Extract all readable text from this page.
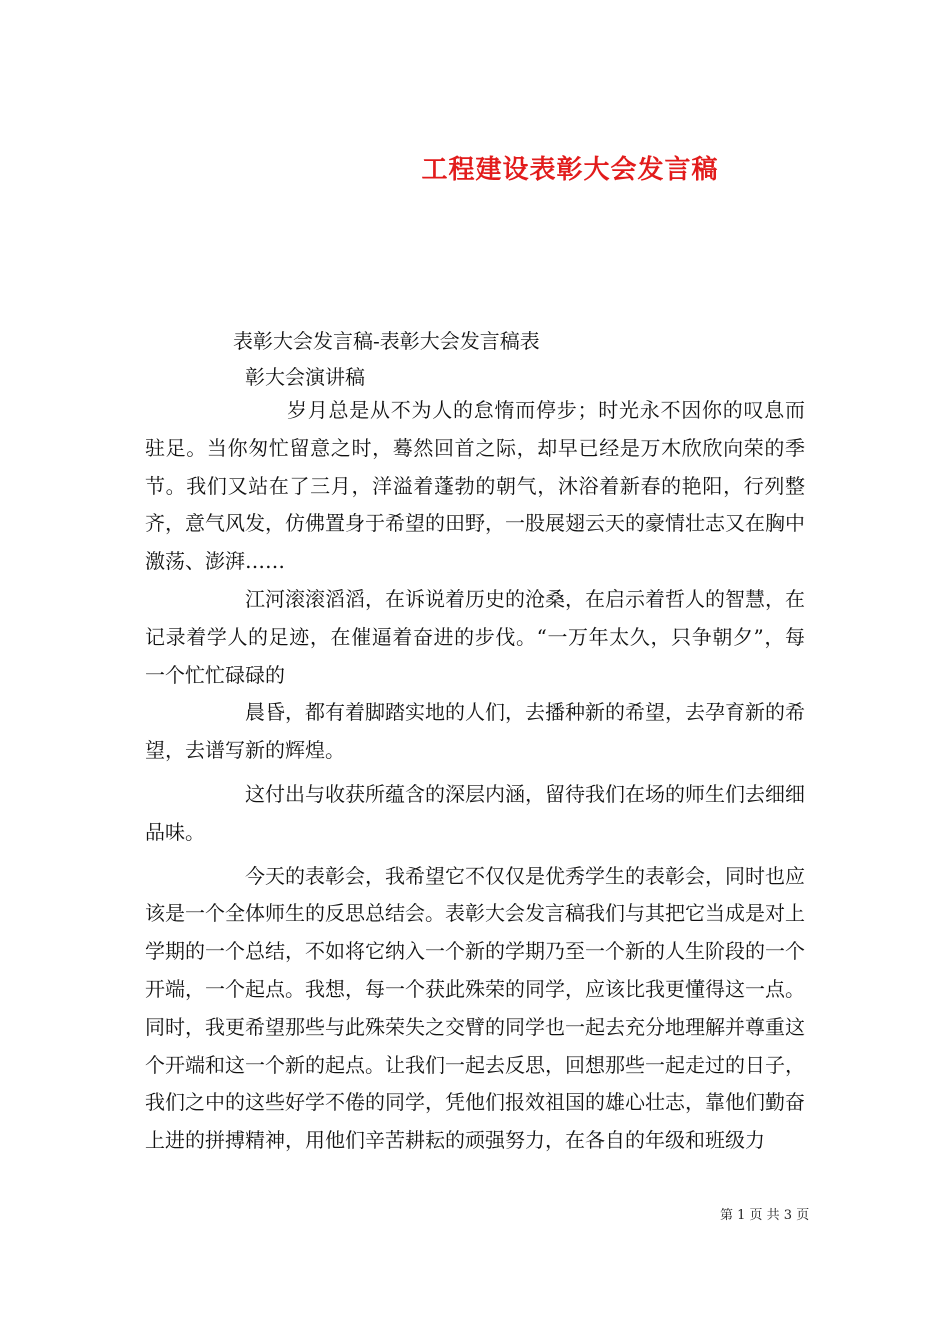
工程建设表彰大会发言稿
表彰大会发言稿-表彰大会发言稿表
彰大会演讲稿

岁月总是从不为人的怠惰而停步；时光永不因你的叹息而驻足。当你匆忙留意之时，蓦然回首之际，却早已经是万木欣欣向荣的季节。我们又站在了三月，洋溢着蓬勃的朝气，沐浴着新春的艳阳，行列整齐，意气风发，仿佛置身于希望的田野，一股展翅云天的豪情壮志又在胸中激荡、澎湃……

江河滚滚滔滔，在诉说着历史的沧桑，在启示着哲人的智慧，在记录着学人的足迹，在催逼着奋进的步伐。“一万年太久，只争朝夕”，每一个忙忙碌碌的

晨昏，都有着脚踏实地的人们，去播种新的希望，去孕育新的希望，去谱写新的辉煌。

这付出与收获所蕴含的深层内涵，留待我们在场的师生们去细细品味。

今天的表彰会，我希望它不仅仅是优秀学生的表彰会，同时也应该是一个全体师生的反思总结会。表彰大会发言稿我们与其把它当成是对上学期的一个总结，不如将它纳入一个新的学期乃至一个新的人生阶段的一个开端，一个起点。我想，每一个获此殊荣的同学，应该比我更懂得这一点。同时，我更希望那些与此殊荣失之交臂的同学也一起去充分地理解并尊重这个开端和这一个新的起点。让我们一起去反思，回想那些一起走过的日子，我们之中的这些好学不倦的同学，凭他们报效祖国的雄心壮志，靠他们勤奋上进的拼搏精神，用他们辛苦耕耘的顽强努力，在各自的年级和班级力

第 1 页 共 3 页
